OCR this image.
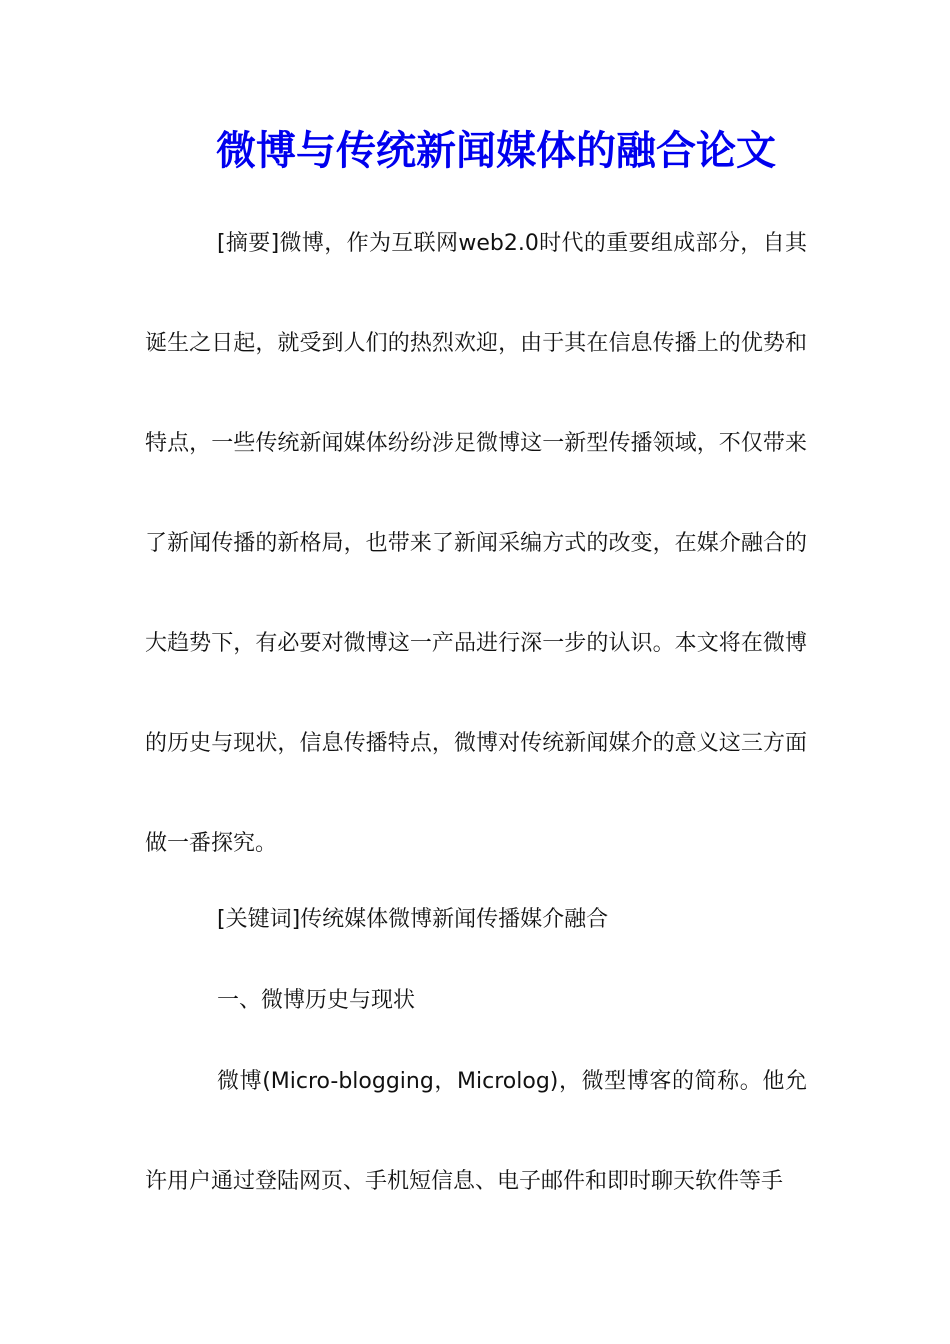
微博与传统新闻媒体的融合论文

[摘要]微博，作为互联网web2.0时代的重要组成部分，自其诞生之日起，就受到人们的热烈欢迎，由于其在信息传播上的优势和特点，一些传统新闻媒体纷纷涉足微博这一新型传播领域，不仅带来了新闻传播的新格局，也带来了新闻采编方式的改变，在媒介融合的大趋势下，有必要对微博这一产品进行深一步的认识。本文将在微博的历史与现状，信息传播特点，微博对传统新闻媒介的意义这三方面做一番探究。

[关键词]传统媒体微博新闻传播媒介融合

一、微博历史与现状

微博(Micro-blogging，Microlog)，微型博客的简称。他允许用户通过登陆网页、手机短信息、电子邮件和即时聊天软件等手
